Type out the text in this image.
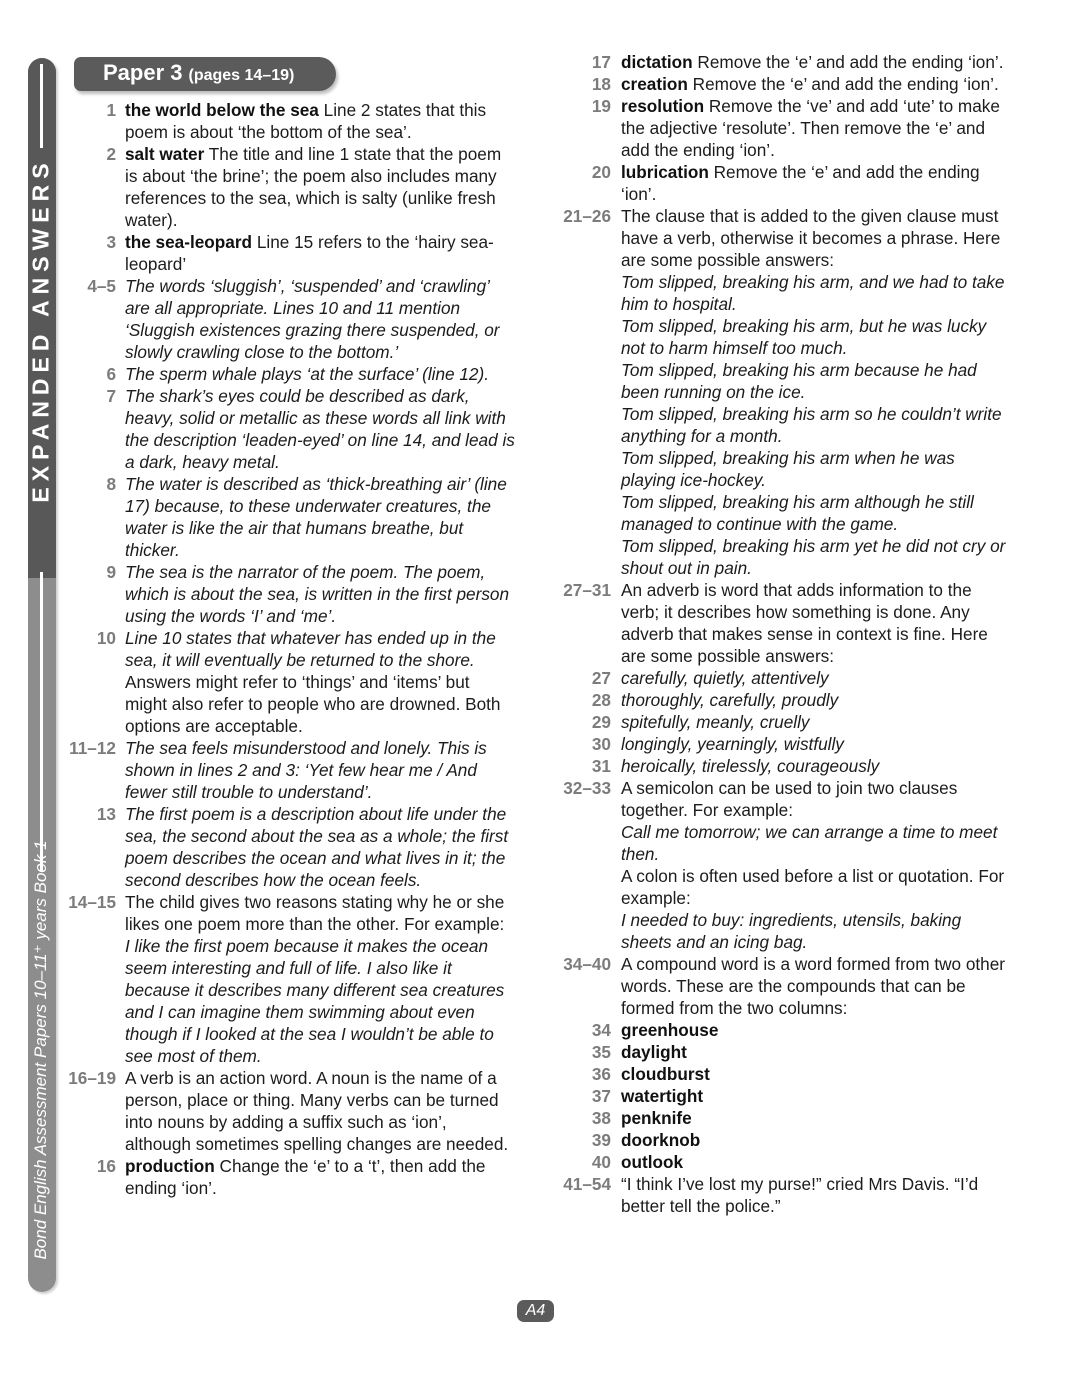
EXPANDED ANSWERS
Bond English Assessment Papers 10–11⁺ years Book 1
Paper 3 (pages 14–19)
1 the world below the sea Line 2 states that this poem is about ‘the bottom of the sea’.
2 salt water The title and line 1 state that the poem is about ‘the brine’; the poem also includes many references to the sea, which is salty (unlike fresh water).
3 the sea-leopard Line 15 refers to the ‘hairy sea-leopard’
4–5 The words ‘sluggish’, ‘suspended’ and ‘crawling’ are all appropriate. Lines 10 and 11 mention ‘Sluggish existences grazing there suspended, or slowly crawling close to the bottom.’
6 The sperm whale plays ‘at the surface’ (line 12).
7 The shark’s eyes could be described as dark, heavy, solid or metallic as these words all link with the description ‘leaden-eyed’ on line 14, and lead is a dark, heavy metal.
8 The water is described as ‘thick-breathing air’ (line 17) because, to these underwater creatures, the water is like the air that humans breathe, but thicker.
9 The sea is the narrator of the poem. The poem, which is about the sea, is written in the first person using the words ‘I’ and ‘me’.
10 Line 10 states that whatever has ended up in the sea, it will eventually be returned to the shore. Answers might refer to ‘things’ and ‘items’ but might also refer to people who are drowned. Both options are acceptable.
11–12 The sea feels misunderstood and lonely. This is shown in lines 2 and 3: ‘Yet few hear me / And fewer still trouble to understand’.
13 The first poem is a description about life under the sea, the second about the sea as a whole; the first poem describes the ocean and what lives in it; the second describes how the ocean feels.
14–15 The child gives two reasons stating why he or she likes one poem more than the other. For example:
I like the first poem because it makes the ocean seem interesting and full of life. I also like it because it describes many different sea creatures and I can imagine them swimming about even though if I looked at the sea I wouldn’t be able to see most of them.
16–19 A verb is an action word. A noun is the name of a person, place or thing. Many verbs can be turned into nouns by adding a suffix such as ‘ion’, although sometimes spelling changes are needed.
16 production Change the ‘e’ to a ‘t’, then add the ending ‘ion’.
17 dictation Remove the ‘e’ and add the ending ‘ion’.
18 creation Remove the ‘e’ and add the ending ‘ion’.
19 resolution Remove the ‘ve’ and add ‘ute’ to make the adjective ‘resolute’. Then remove the ‘e’ and add the ending ‘ion’.
20 lubrication Remove the ‘e’ and add the ending ‘ion’.
21–26 The clause that is added to the given clause must have a verb, otherwise it becomes a phrase. Here are some possible answers:
Tom slipped, breaking his arm, and we had to take him to hospital.
Tom slipped, breaking his arm, but he was lucky not to harm himself too much.
Tom slipped, breaking his arm because he had been running on the ice.
Tom slipped, breaking his arm so he couldn’t write anything for a month.
Tom slipped, breaking his arm when he was playing ice-hockey.
Tom slipped, breaking his arm although he still managed to continue with the game.
Tom slipped, breaking his arm yet he did not cry or shout out in pain.
27–31 An adverb is word that adds information to the verb; it describes how something is done. Any adverb that makes sense in context is fine. Here are some possible answers:
27 carefully, quietly, attentively
28 thoroughly, carefully, proudly
29 spitefully, meanly, cruelly
30 longingly, yearningly, wistfully
31 heroically, tirelessly, courageously
32–33 A semicolon can be used to join two clauses together. For example:
Call me tomorrow; we can arrange a time to meet then.
A colon is often used before a list or quotation. For example:
I needed to buy: ingredients, utensils, baking sheets and an icing bag.
34–40 A compound word is a word formed from two other words. These are the compounds that can be formed from the two columns:
34 greenhouse
35 daylight
36 cloudburst
37 watertight
38 penknife
39 doorknob
40 outlook
41–54 “I think I’ve lost my purse!” cried Mrs Davis. “I’d better tell the police.”
A4
